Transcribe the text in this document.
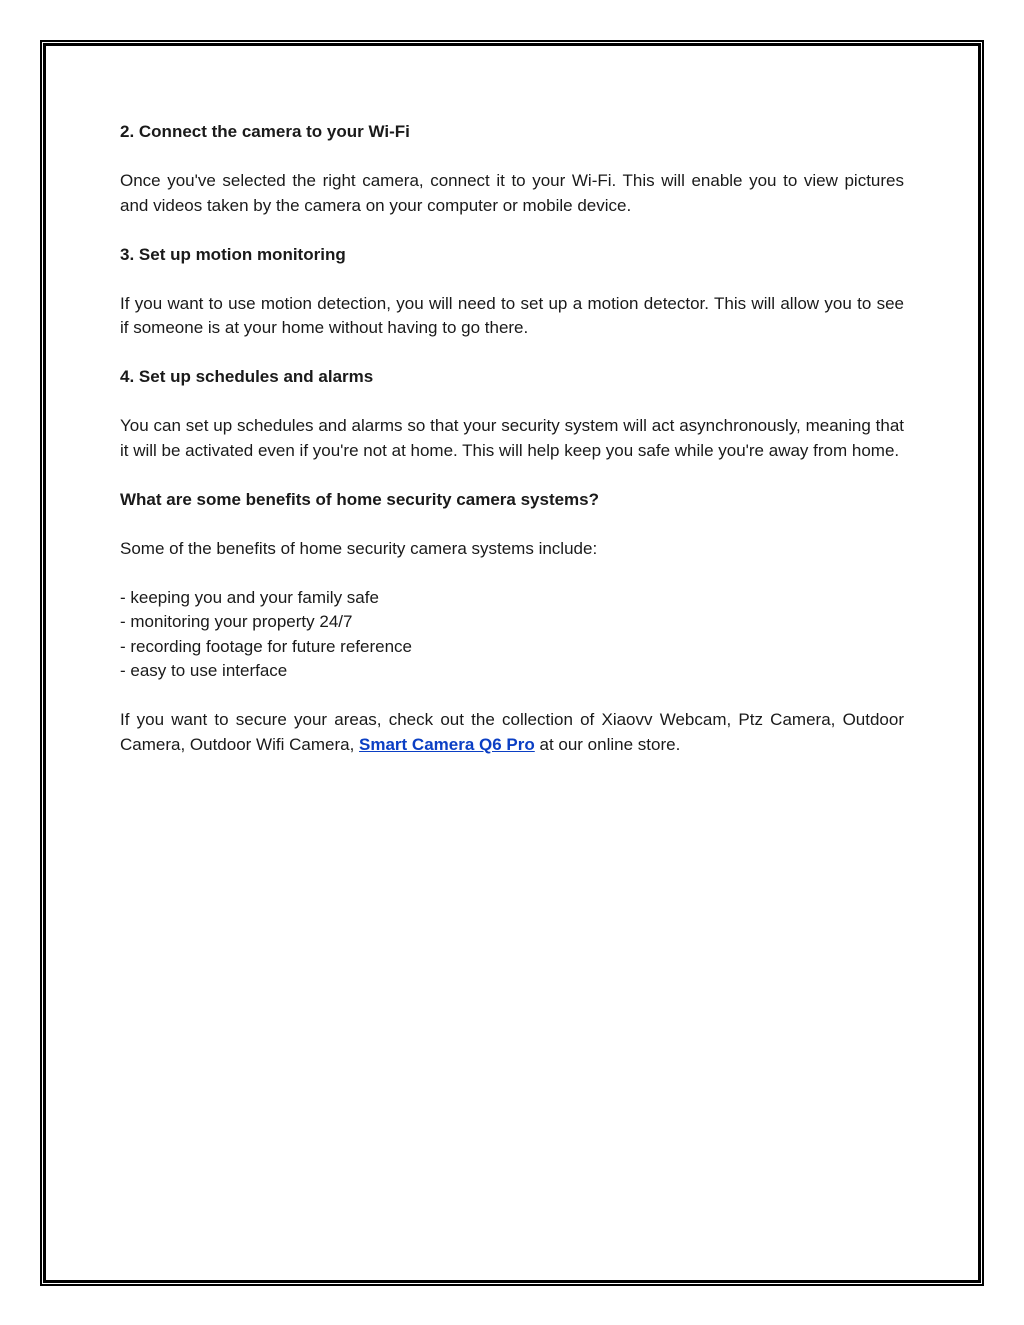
2. Connect the camera to your Wi-Fi

Once you've selected the right camera, connect it to your Wi-Fi. This will enable you to view pictures and videos taken by the camera on your computer or mobile device.

3. Set up motion monitoring

If you want to use motion detection, you will need to set up a motion detector. This will allow you to see if someone is at your home without having to go there.

4. Set up schedules and alarms

You can set up schedules and alarms so that your security system will act asynchronously, meaning that it will be activated even if you're not at home. This will help keep you safe while you're away from home.

What are some benefits of home security camera systems?

Some of the benefits of home security camera systems include:

- keeping you and your family safe
- monitoring your property 24/7
- recording footage for future reference
- easy to use interface

If you want to secure your areas, check out the collection of Xiaovv Webcam, Ptz Camera, Outdoor Camera, Outdoor Wifi Camera, Smart Camera Q6 Pro at our online store.
